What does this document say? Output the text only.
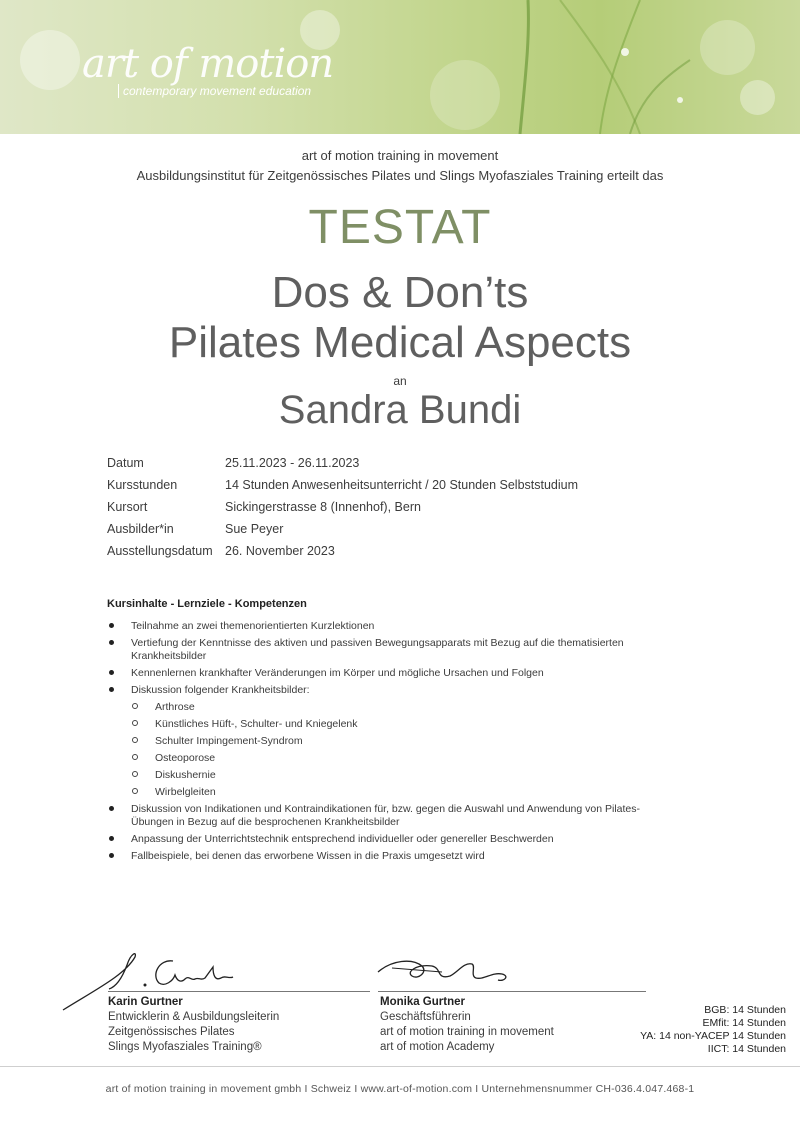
art of motion
contemporary movement education
art of motion training in movement
Ausbildungsinstitut für Zeitgenössisches Pilates und Slings Myofasziales Training erteilt das
TESTAT
Dos & Don’ts
Pilates Medical Aspects
an
Sandra Bundi
Datum	25.11.2023 - 26.11.2023
Kursstunden	14 Stunden Anwesenheitsunterricht / 20 Stunden Selbststudium
Kursort	Sickingerstrasse 8 (Innenhof), Bern
Ausbilder*in	Sue Peyer
Ausstellungsdatum 26. November 2023
Kursinhalte - Lernziele - Kompetenzen
Teilnahme an zwei themenorientierten Kurzlektionen
Vertiefung der Kenntnisse des aktiven und passiven Bewegungsapparats mit Bezug auf die thematisierten Krankheitsbilder
Kennenlernen krankhafter Veränderungen im Körper und mögliche Ursachen und Folgen
Diskussion folgender Krankheitsbilder:
Arthrose
Künstliches Hüft-, Schulter- und Kniegelenk
Schulter Impingement-Syndrom
Osteoporose
Diskushernie
Wirbelgleiten
Diskussion von Indikationen und Kontraindikationen für, bzw. gegen die Auswahl und Anwendung von Pilates-Übungen in Bezug auf die besprochenen Krankheitsbilder
Anpassung der Unterrichtstechnik entsprechend individueller oder genereller Beschwerden
Fallbeispiele, bei denen das erworbene Wissen in die Praxis umgesetzt wird
Karin Gurtner
Entwicklerin & Ausbildungsleiterin
Zeitgenössisches Pilates
Slings Myofasziales Training®
Monika Gurtner
Geschäftsführerin
art of motion training in movement
art of motion Academy
BGB: 14 Stunden
EMfit: 14 Stunden
YA: 14 non-YACEP 14 Stunden
IICT: 14 Stunden
art of motion training in movement gmbh I Schweiz I www.art-of-motion.com I Unternehmensnummer CH-036.4.047.468-1
